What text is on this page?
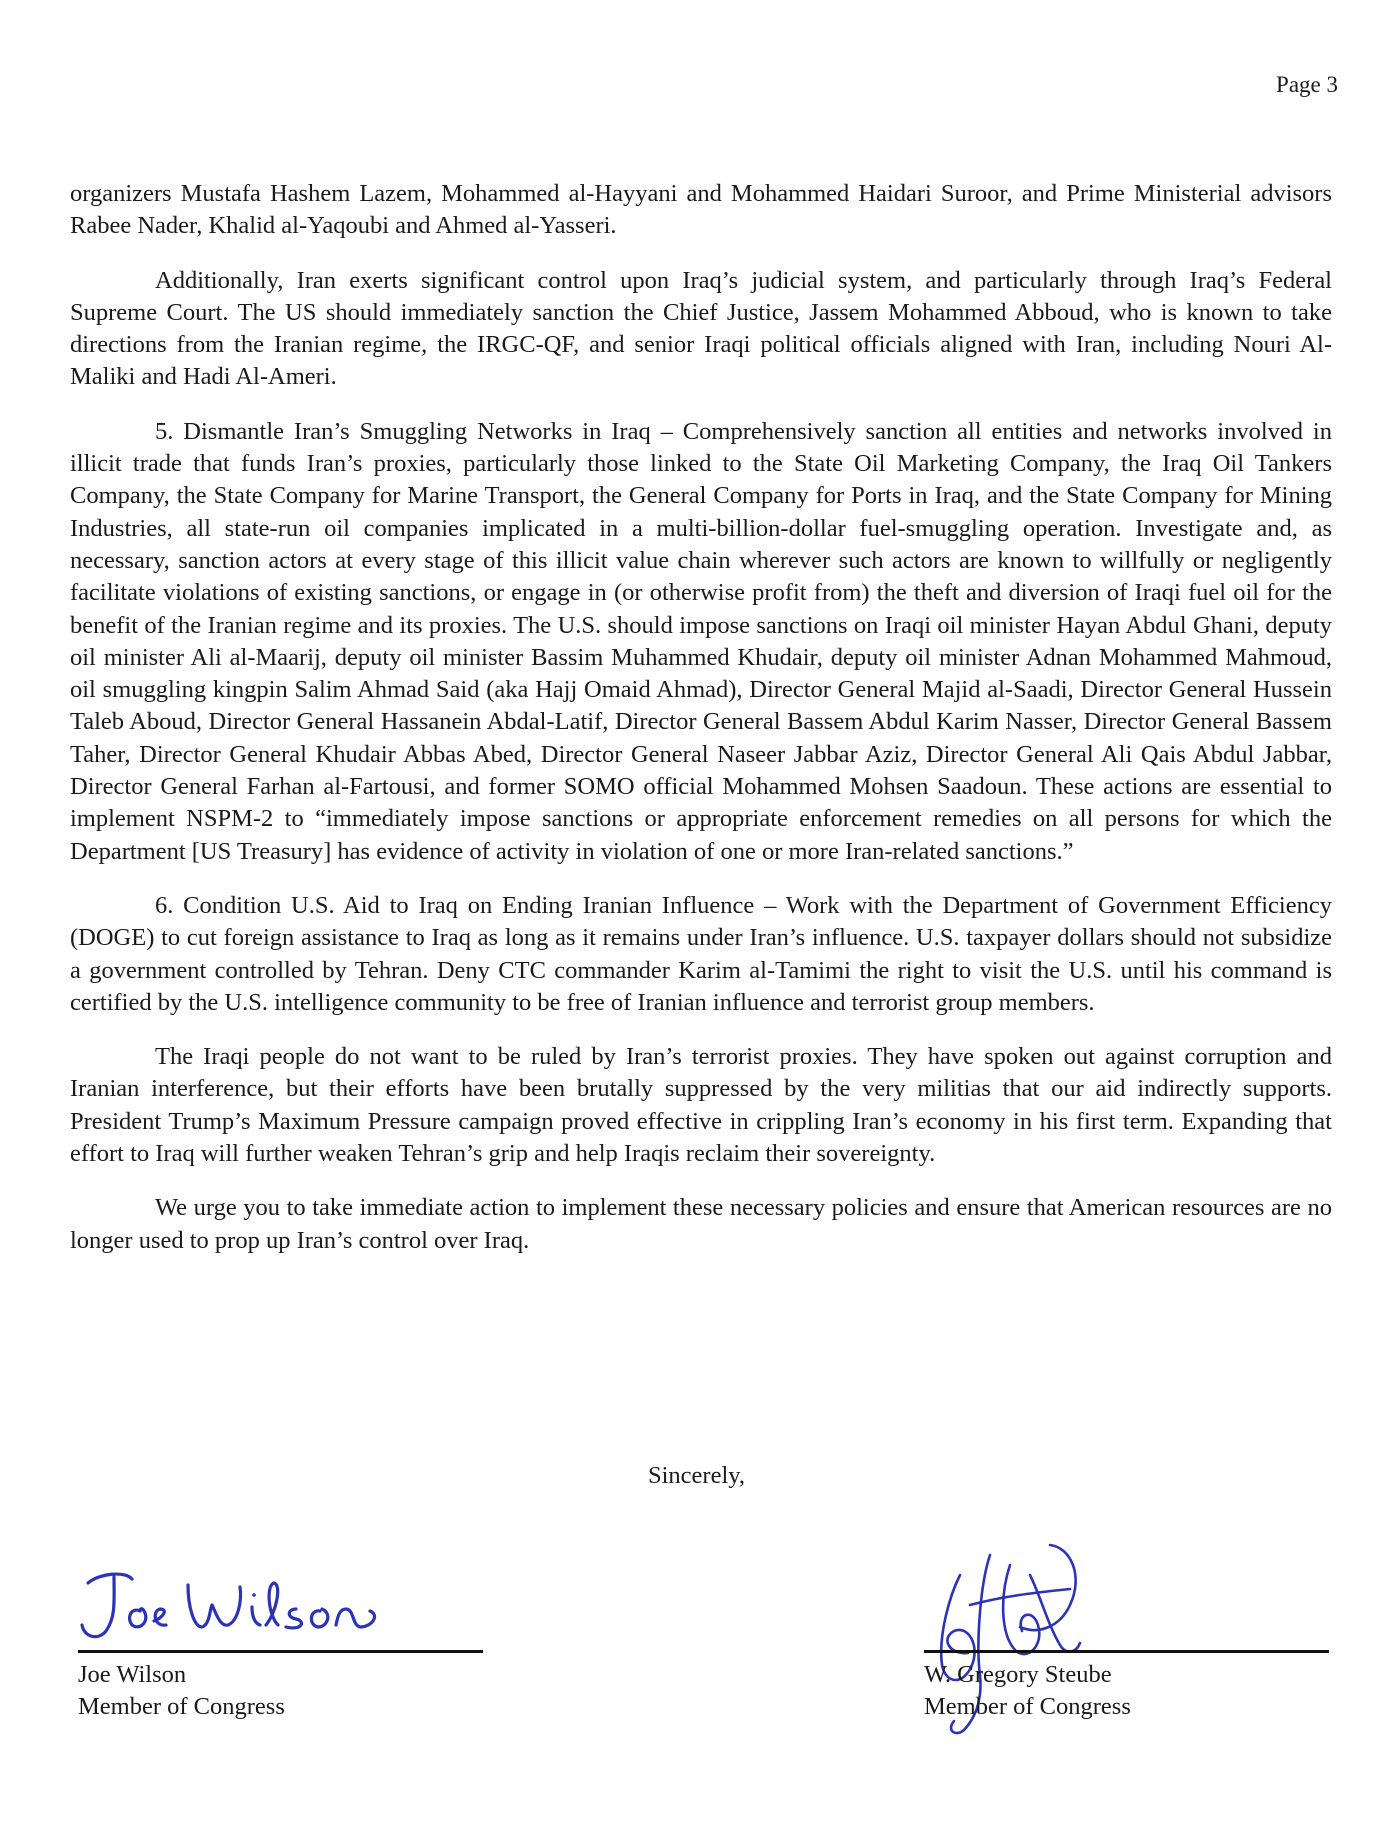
Page 3

organizers Mustafa Hashem Lazem, Mohammed al-Hayyani and Mohammed Haidari Suroor, and Prime Ministerial advisors Rabee Nader, Khalid al-Yaqoubi and Ahmed al-Yasseri.

Additionally, Iran exerts significant control upon Iraq’s judicial system, and particularly through Iraq’s Federal Supreme Court. The US should immediately sanction the Chief Justice, Jassem Mohammed Abboud, who is known to take directions from the Iranian regime, the IRGC-QF, and senior Iraqi political officials aligned with Iran, including Nouri Al-Maliki and Hadi Al-Ameri.

5. Dismantle Iran’s Smuggling Networks in Iraq – Comprehensively sanction all entities and networks involved in illicit trade that funds Iran’s proxies, particularly those linked to the State Oil Marketing Company, the Iraq Oil Tankers Company, the State Company for Marine Transport, the General Company for Ports in Iraq, and the State Company for Mining Industries, all state-run oil companies implicated in a multi-billion-dollar fuel-smuggling operation. Investigate and, as necessary, sanction actors at every stage of this illicit value chain wherever such actors are known to willfully or negligently facilitate violations of existing sanctions, or engage in (or otherwise profit from) the theft and diversion of Iraqi fuel oil for the benefit of the Iranian regime and its proxies. The U.S. should impose sanctions on Iraqi oil minister Hayan Abdul Ghani, deputy oil minister Ali al-Maarij, deputy oil minister Bassim Muhammed Khudair, deputy oil minister Adnan Mohammed Mahmoud, oil smuggling kingpin Salim Ahmad Said (aka Hajj Omaid Ahmad), Director General Majid al-Saadi, Director General Hussein Taleb Aboud, Director General Hassanein Abdal-Latif, Director General Bassem Abdul Karim Nasser, Director General Bassem Taher, Director General Khudair Abbas Abed, Director General Naseer Jabbar Aziz, Director General Ali Qais Abdul Jabbar, Director General Farhan al-Fartousi, and former SOMO official Mohammed Mohsen Saadoun. These actions are essential to implement NSPM-2 to “immediately impose sanctions or appropriate enforcement remedies on all persons for which the Department [US Treasury] has evidence of activity in violation of one or more Iran-related sanctions.”

6. Condition U.S. Aid to Iraq on Ending Iranian Influence – Work with the Department of Government Efficiency (DOGE) to cut foreign assistance to Iraq as long as it remains under Iran’s influence. U.S. taxpayer dollars should not subsidize a government controlled by Tehran. Deny CTC commander Karim al-Tamimi the right to visit the U.S. until his command is certified by the U.S. intelligence community to be free of Iranian influence and terrorist group members.

The Iraqi people do not want to be ruled by Iran’s terrorist proxies. They have spoken out against corruption and Iranian interference, but their efforts have been brutally suppressed by the very militias that our aid indirectly supports. President Trump’s Maximum Pressure campaign proved effective in crippling Iran’s economy in his first term. Expanding that effort to Iraq will further weaken Tehran’s grip and help Iraqis reclaim their sovereignty.

We urge you to take immediate action to implement these necessary policies and ensure that American resources are no longer used to prop up Iran’s control over Iraq.

Sincerely,
Joe Wilson
Member of Congress
W. Gregory Steube
Member of Congress
